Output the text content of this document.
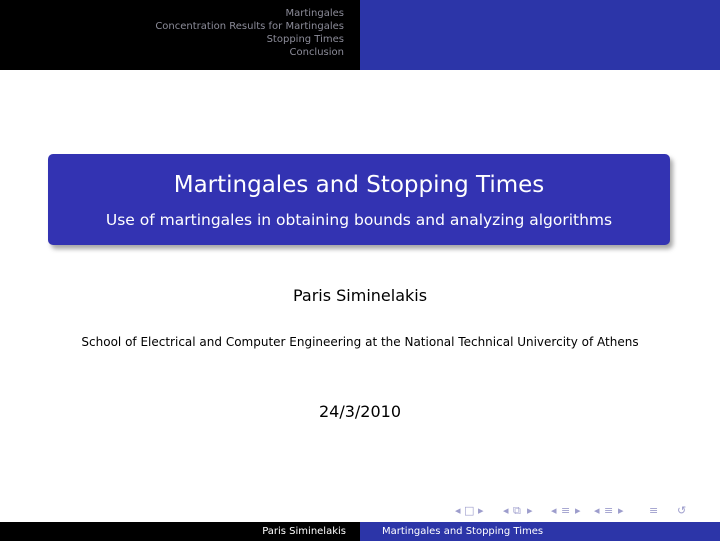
Martingales
Concentration Results for Martingales
Stopping Times
Conclusion
Martingales and Stopping Times
Use of martingales in obtaining bounds and analyzing algorithms
Paris Siminelakis
School of Electrical and Computer Engineering at the National Technical Univercity of Athens
24/3/2010
◂ □ ▸ ◂ ⧉ ▸ ◂ ≡ ▸ ◂ ≡ ▸ ≡ ↺
Paris Siminelakis	Martingales and Stopping Times
